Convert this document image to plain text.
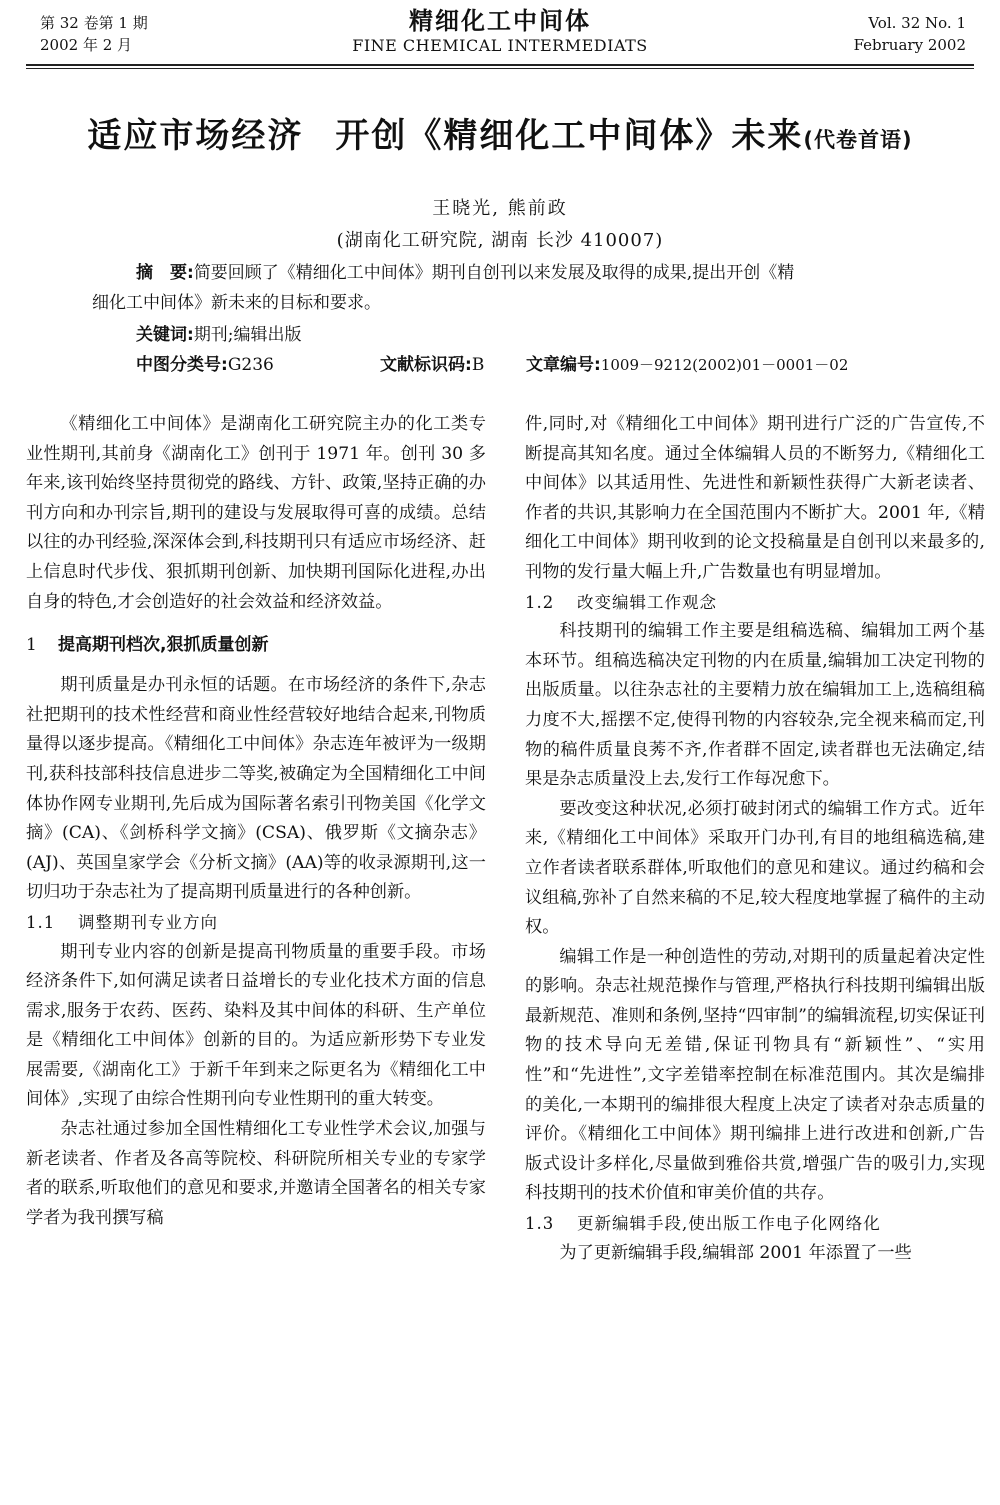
第 32 卷第 1 期
2002 年 2 月
精细化工中间体
FINE CHEMICAL INTERMEDIATS
Vol. 32 No. 1
February 2002
适应市场经济 开创《精细化工中间体》未来(代卷首语)
王晓光, 熊前政
(湖南化工研究院, 湖南 长沙 410007)
摘　要:简要回顾了《精细化工中间体》期刊自创刊以来发展及取得的成果,提出开创《精
细化工中间体》新未来的目标和要求。
关键词:期刊;编辑出版
中图分类号:G236	文献标识码:B 文章编号:1009－9212(2002)01－0001－02

《精细化工中间体》是湖南化工研究院主办的化工类专业性期刊,其前身《湖南化工》创刊于 1971 年。创刊 30 多年来,该刊始终坚持贯彻党的路线、方针、政策,坚持正确的办刊方向和办刊宗旨,期刊的建设与发展取得可喜的成绩。总结以往的办刊经验,深深体会到,科技期刊只有适应市场经济、赶上信息时代步伐、狠抓期刊创新、加快期刊国际化进程,办出自身的特色,才会创造好的社会效益和经济效益。

1 提高期刊档次,狠抓质量创新

期刊质量是办刊永恒的话题。在市场经济的条件下,杂志社把期刊的技术性经营和商业性经营较好地结合起来,刊物质量得以逐步提高。《精细化工中间体》杂志连年被评为一级期刊,获科技部科技信息进步二等奖,被确定为全国精细化工中间体协作网专业期刊,先后成为国际著名索引刊物美国《化学文摘》(CA)、《剑桥科学文摘》(CSA)、俄罗斯《文摘杂志》(AJ)、英国皇家学会《分析文摘》(AA)等的收录源期刊,这一切归功于杂志社为了提高期刊质量进行的各种创新。

1.1 调整期刊专业方向

期刊专业内容的创新是提高刊物质量的重要手段。市场经济条件下,如何满足读者日益增长的专业化技术方面的信息需求,服务于农药、医药、染料及其中间体的科研、生产单位是《精细化工中间体》创新的目的。为适应新形势下专业发展需要,《湖南化工》于新千年到来之际更名为《精细化工中间体》,实现了由综合性期刊向专业性期刊的重大转变。

杂志社通过参加全国性精细化工专业性学术会议,加强与新老读者、作者及各高等院校、科研院所相关专业的专家学者的联系,听取他们的意见和要求,并邀请全国著名的相关专家学者为我刊撰写稿

件,同时,对《精细化工中间体》期刊进行广泛的广告宣传,不断提高其知名度。通过全体编辑人员的不断努力,《精细化工中间体》以其适用性、先进性和新颖性获得广大新老读者、作者的共识,其影响力在全国范围内不断扩大。2001 年,《精细化工中间体》期刊收到的论文投稿量是自创刊以来最多的,刊物的发行量大幅上升,广告数量也有明显增加。

1.2 改变编辑工作观念

科技期刊的编辑工作主要是组稿选稿、编辑加工两个基本环节。组稿选稿决定刊物的内在质量,编辑加工决定刊物的出版质量。以往杂志社的主要精力放在编辑加工上,选稿组稿力度不大,摇摆不定,使得刊物的内容较杂,完全视来稿而定,刊物的稿件质量良莠不齐,作者群不固定,读者群也无法确定,结果是杂志质量没上去,发行工作每况愈下。

要改变这种状况,必须打破封闭式的编辑工作方式。近年来,《精细化工中间体》采取开门办刊,有目的地组稿选稿,建立作者读者联系群体,听取他们的意见和建议。通过约稿和会议组稿,弥补了自然来稿的不足,较大程度地掌握了稿件的主动权。

编辑工作是一种创造性的劳动,对期刊的质量起着决定性的影响。杂志社规范操作与管理,严格执行科技期刊编辑出版最新规范、准则和条例,坚持“四审制”的编辑流程,切实保证刊物的技术导向无差错,保证刊物具有“新颖性”、“实用性”和“先进性”,文字差错率控制在标准范围内。其次是编排的美化,一本期刊的编排很大程度上决定了读者对杂志质量的评价。《精细化工中间体》期刊编排上进行改进和创新,广告版式设计多样化,尽量做到雅俗共赏,增强广告的吸引力,实现科技期刊的技术价值和审美价值的共存。

1.3 更新编辑手段,使出版工作电子化网络化

为了更新编辑手段,编辑部 2001 年添置了一些
